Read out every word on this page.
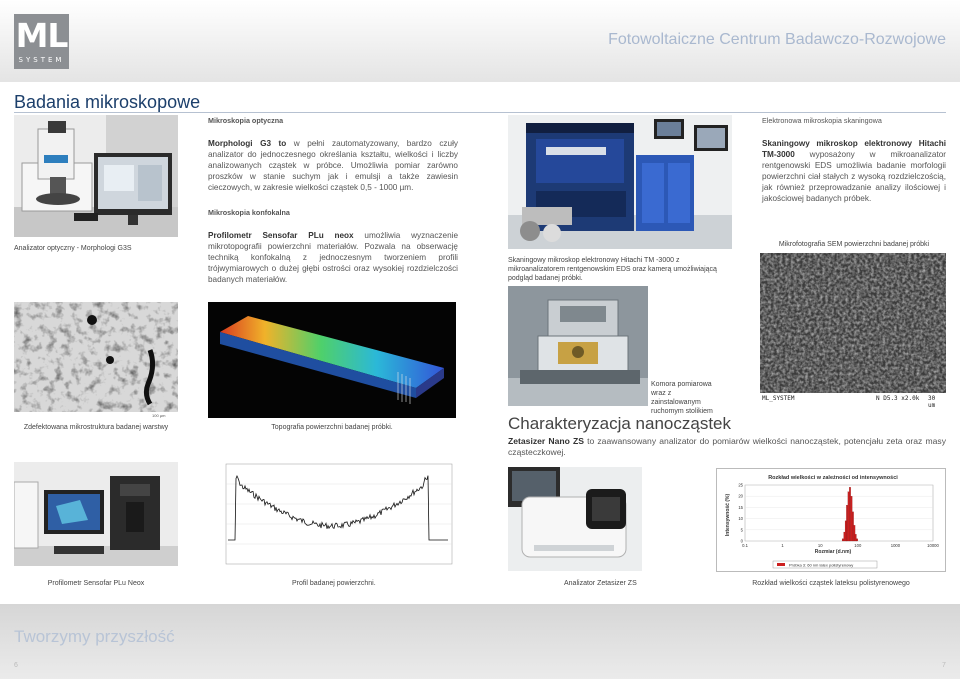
ML
SYSTEM
Fotowoltaiczne Centrum Badawczo-Rozwojowe
Badania mikroskopowe
Analizator optyczny - Morphologi G3S
Mikroskopia optyczna
Morphologi G3 to w pełni zautomatyzowany, bardzo czuły analizator do jednoczesnego określania kształtu, wielkości i liczby analizowanych cząstek w próbce. Umożliwia pomiar zarówno proszków w stanie suchym jak i emulsji a także zawiesin cieczowych, w zakresie wielkości cząstek 0,5 - 1000 µm.
Mikroskopia konfokalna
Profilometr Sensofar PLu neox umożliwia wyznaczenie mikrotopografii powierzchni materiałów. Pozwala na obserwację techniką konfokalną z jednoczesnym tworzeniem profili trójwymiarowych o dużej głębi ostrości oraz wysokiej rozdzielczości badanych materiałów.
Skaningowy mikroskop elektronowy Hitachi TM -3000 z mikroanalizatorem rentgenowskim EDS oraz kamerą umożliwiającą podgląd badanej próbki.
Elektronowa mikroskopia skaningowa
Skaningowy mikroskop elektronowy Hitachi TM-3000 wyposażony w mikroanalizator rentgenowski EDS umożliwia badanie morfologii powierzchni ciał stałych z wysoką rozdzielczością, jak również przeprowadzanie analizy ilościowej i jakościowej badanych próbek.
Mikrofotografia SEM powierzchni badanej próbki
ML_SYSTEM	N D5.3 x2.0k 30 um
100 µm
Zdefektowana mikrostruktura badanej warstwy	Topografia powierzchni badanej próbki.
Komora pomiarowa wraz z zainstalowanym ruchomym stolikiem
Charakteryzacja nanocząstek
Zetasizer Nano ZS to zaawansowany analizator do pomiarów wielkości nanocząstek, potencjału zeta oraz masy cząsteczkowej.
Profilometr Sensofar PLu Neox	Profil badanej powierzchni.	Analizator Zetasizer ZS
Rozkład wielkości w zależności od intensywności
Intensywność (%)
Rozmiar (d.nm)
0
5
10
15
20
25
0.1	1	10	100	1000	10000
Próbka 3: 60 nm latex polistyrenowy
Rozkład wielkości cząstek lateksu polistyrenowego
Tworzymy przyszłość
6	7
